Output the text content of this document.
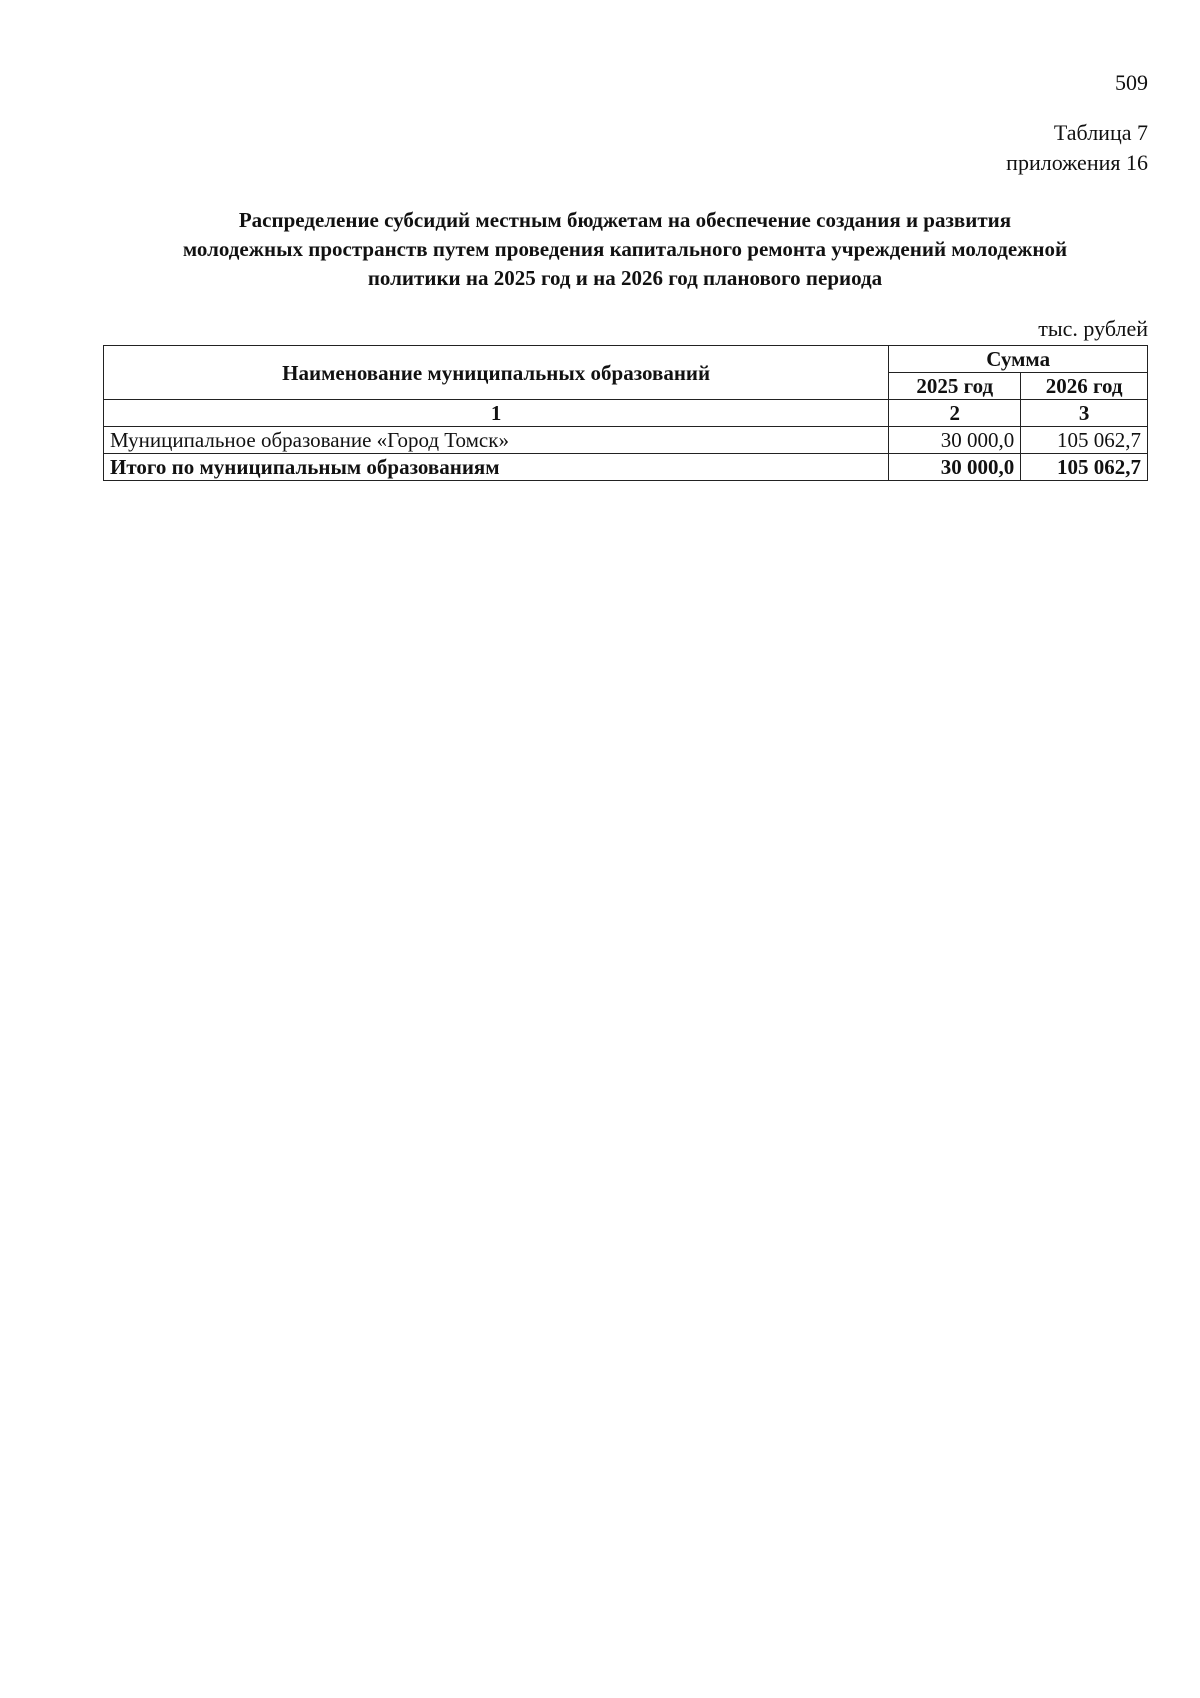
509
Таблица 7
приложения 16
Распределение субсидий местным бюджетам на обеспечение создания и развития
молодежных пространств путем проведения капитального ремонта учреждений молодежной
политики на 2025 год и на 2026 год планового периода
тыс. рублей
Наименование муниципальных образований	Сумма	
	2025 год	2026 год
1	2	3
Муниципальное образование «Город Томск»	30 000,0	105 062,7
Итого по муниципальным образованиям	30 000,0	105 062,7
